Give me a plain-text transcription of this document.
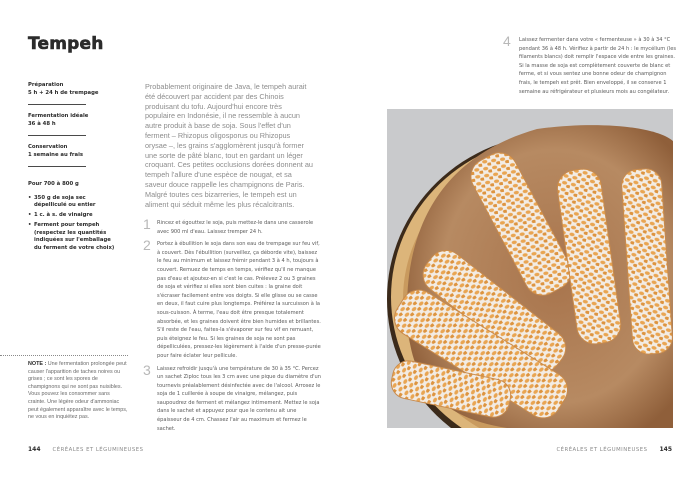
Tempeh
Préparation
5 h + 24 h de trempage
Fermentation idéale
36 à 48 h
Conservation
1 semaine au frais
Pour 700 à 800 g
• 350 g de soja sec dépelliculé ou entier
• 1 c. à s. de vinaigre
• Ferment pour tempeh (respectez les quantités indiquées sur l'emballage du ferment de votre choix)

NOTE : Une fermentation prolongée peut causer l'apparition de taches noires ou grises ; ce sont les spores de champignons qui ne sont pas nuisibles. Vous pouvez les consommer sans crainte. Une légère odeur d'ammoniac peut également apparaître avec le temps, ne vous en inquiétez pas.

Probablement originaire de Java, le tempeh aurait été découvert par accident par des Chinois produisant du tofu. Aujourd'hui encore très populaire en Indonésie, il ne ressemble à aucun autre produit à base de soja. Sous l'effet d'un ferment – Rhizopus oligosporus ou Rhizopus orysae –, les grains s'agglomèrent jusqu'à former une sorte de pâté blanc, tout en gardant un léger croquant. Ces petites occlusions dorées donnent au tempeh l'allure d'une espèce de nougat, et sa saveur douce rappelle les champignons de Paris. Malgré toutes ces bizarreries, le tempeh est un aliment qui séduit même les plus récalcitrants.

1 Rincez et égouttez le soja, puis mettez-le dans une casserole avec 900 ml d'eau. Laissez tremper 24 h.

2 Portez à ébullition le soja dans son eau de trempage sur feu vif, à couvert. Dès l'ébullition (surveillez, ça déborde vite), baissez le feu au minimum et laissez frémir pendant 3 à 4 h, toujours à couvert. Remuez de temps en temps, vérifiez qu'il ne manque pas d'eau et ajoutez-en si c'est le cas. Prélevez 2 ou 3 graines de soja et vérifiez si elles sont bien cuites : la graine doit s'écraser facilement entre vos doigts. Si elle glisse ou se casse en deux, il faut cuire plus longtemps. Préférez la surcuisson à la sous-cuisson. À terme, l'eau doit être presque totalement absorbée, et les graines doivent être bien humides et brillantes. S'il reste de l'eau, faites-la s'évaporer sur feu vif en remuant, puis éteignez le feu. Si les graines de soja ne sont pas dépelliculées, pressez-les légèrement à l'aide d'un presse-purée pour faire éclater leur pellicule.

3 Laissez refroidir jusqu'à une température de 30 à 35 °C. Percez un sachet Ziploc tous les 3 cm avec une pique du diamètre d'un tournevis préalablement désinfectée avec de l'alcool. Arrosez le soja de 1 cuillerée à soupe de vinaigre, mélangez, puis saupoudrez de ferment et mélangez intimement. Mettez le soja dans le sachet et appuyez pour que le contenu ait une épaisseur de 4 cm. Chassez l'air au maximum et fermez le sachet.

144 CÉRÉALES ET LÉGUMINEUSES
4 Laissez fermenter dans votre « fermenteuse » à 30 à 34 °C pendant 36 à 48 h. Vérifiez à partir de 24 h : le mycélium (les filaments blancs) doit remplir l'espace vide entre les graines. Si la masse de soja est complètement couverte de blanc et ferme, et si vous sentez une bonne odeur de champignon frais, le tempeh est prêt. Bien enveloppé, il se conserve 1 semaine au réfrigérateur et plusieurs mois au congélateur.

CÉRÉALES ET LÉGUMINEUSES 145
